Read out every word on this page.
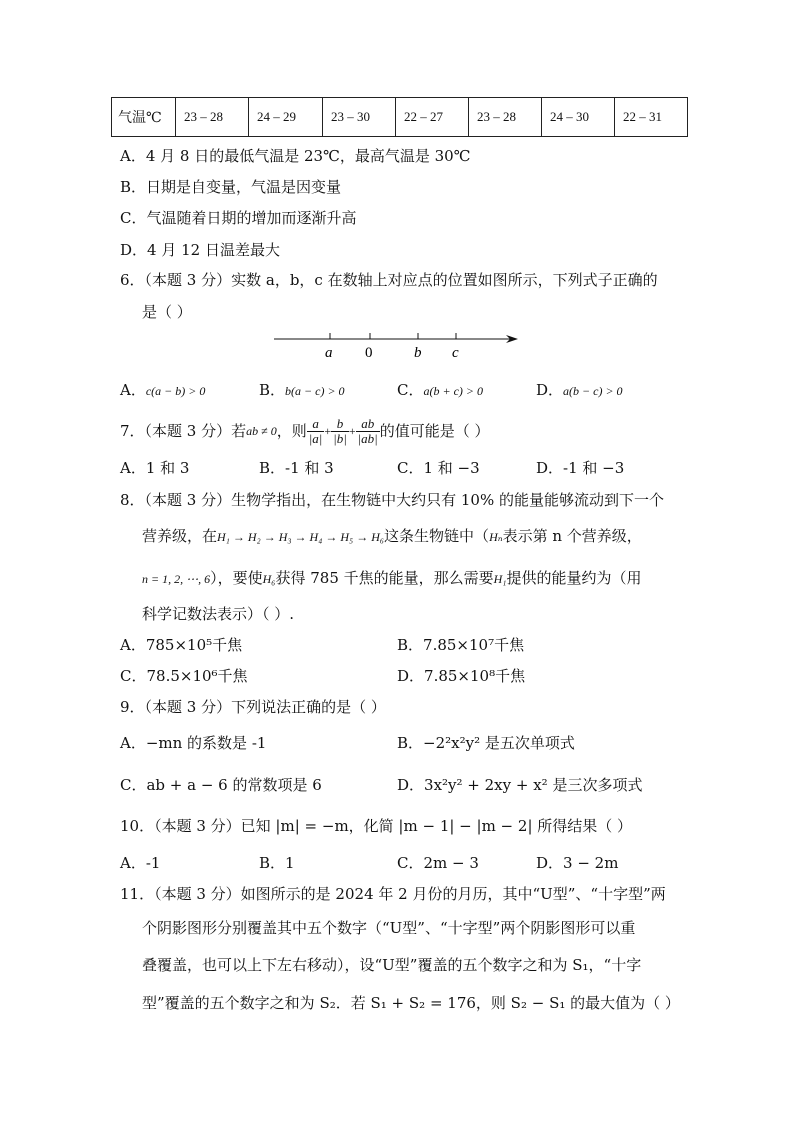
气温℃	23 – 28	24 – 29	23 – 30	22 – 27	23 – 28	24 – 30	22 – 31
A．4 月 8 日的最低气温是 23℃，最高气温是 30℃
B．日期是自变量，气温是因变量
C．气温随着日期的增加而逐渐升高
D．4 月 12 日温差最大
6．（本题 3 分）实数 a，b，c 在数轴上对应点的位置如图所示，下列式子正确的
是（ ）
a 0	b c
A．c(a − b) > 0	B．b(a − c) > 0	C．a(b + c) > 0	D．a(b − c) > 0
7．（本题 3 分）若 ab ≠ 0 ，则 $\frac{a}{|a|} + \frac{b}{|b|} + \frac{ab}{|ab|}$ 的值可能是（ ）
A．1 和 3	B．-1 和 3	C．1 和 −3	D．-1 和 −3
8．（本题 3 分）生物学指出，在生物链中大约只有 10% 的能量能够流动到下一个
营养级，在H₁ → H₂ → H₃ → H₄ → H₅ → H₆这条生物链中（Hₙ表示第 n 个营养级，
n = 1, 2, ⋯, 6），要使H₆获得 785 千焦的能量，那么需要H₁提供的能量约为（用
科学记数法表示）（ ）.
A．785×10⁵千焦	B．7.85×10⁷千焦
C．78.5×10⁶千焦	D．7.85×10⁸千焦
9．（本题 3 分）下列说法正确的是（ ）
A．−mn 的系数是 -1	B．−2²x²y² 是五次单项式
C．ab + a − 6 的常数项是 6	D．3x²y² + 2xy + x² 是三次多项式
10．（本题 3 分）已知 |m| = −m，化简 |m − 1| − |m − 2| 所得结果（ ）
A．-1	B．1	C．2m − 3	D．3 − 2m
11．（本题 3 分）如图所示的是 2024 年 2 月份的月历，其中“U型”、“十字型”两
个阴影图形分别覆盖其中五个数字（“U型”、“十字型”两个阴影图形可以重
叠覆盖，也可以上下左右移动），设“U型”覆盖的五个数字之和为 S₁，“十字
型”覆盖的五个数字之和为 S₂．若 S₁ + S₂ = 176，则 S₂ − S₁ 的最大值为（ ）
